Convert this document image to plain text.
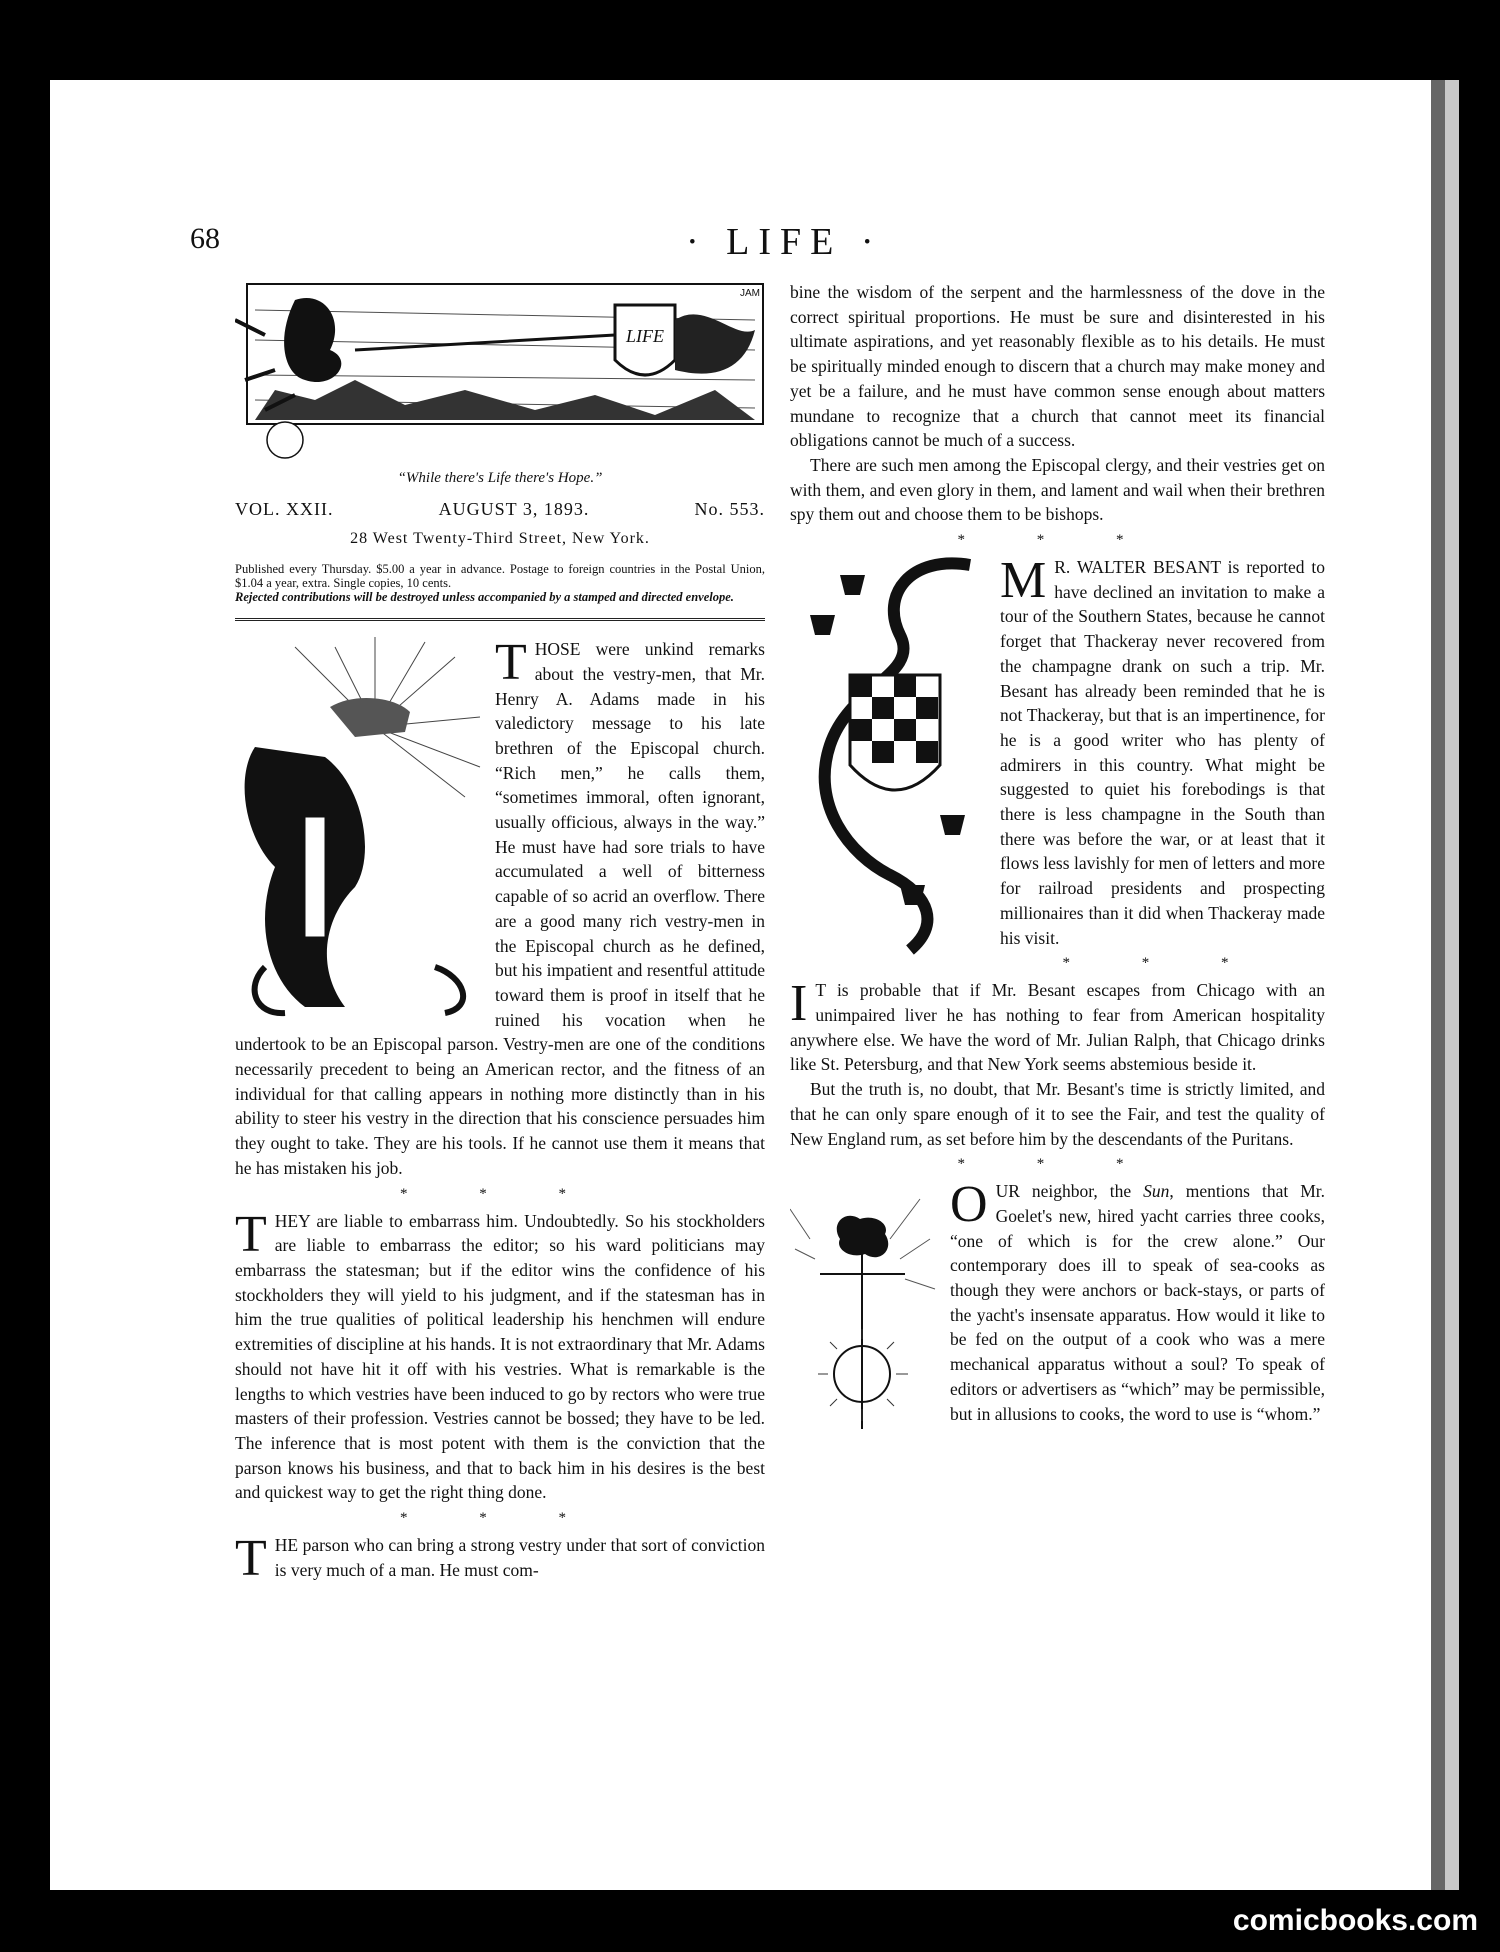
68	· LIFE ·
LIFE
JAM
“While there's Life there's Hope.”
VOL. XXII.	AUGUST 3, 1893.	No. 553.
28 West Twenty-Third Street, New York.
Published every Thursday. $5.00 a year in advance. Postage to foreign countries in the Postal Union, $1.04 a year, extra. Single copies, 10 cents.
Rejected contributions will be destroyed unless accompanied by a stamped and directed envelope.

THOSE were unkind remarks about the vestry-men, that Mr. Henry A. Adams made in his valedictory message to his late brethren of the Episcopal church. “Rich men,” he calls them, “sometimes immoral, often ignorant, usually officious, always in the way.” He must have had sore trials to have accumulated a well of bitterness capable of so acrid an overflow. There are a good many rich vestry-men in the Episcopal church as he defined, but his impatient and resentful attitude toward them is proof in itself that he ruined his vocation when he undertook to be an Episcopal parson. Vestry-men are one of the conditions necessarily precedent to being an American rector, and the fitness of an individual for that calling appears in nothing more distinctly than in his ability to steer his vestry in the direction that his conscience persuades him they ought to take. They are his tools. If he cannot use them it means that he has mistaken his job.

* * *

THEY are liable to embarrass him. Undoubtedly. So his stockholders are liable to embarrass the editor; so his ward politicians may embarrass the statesman; but if the editor wins the confidence of his stockholders they will yield to his judgment, and if the statesman has in him the true qualities of political leadership his henchmen will endure extremities of discipline at his hands. It is not extraordinary that Mr. Adams should not have hit it off with his vestries. What is remarkable is the lengths to which vestries have been induced to go by rectors who were true masters of their profession. Vestries cannot be bossed; they have to be led. The inference that is most potent with them is the conviction that the parson knows his business, and that to back him in his desires is the best and quickest way to get the right thing done.

* * *

THE parson who can bring a strong vestry under that sort of conviction is very much of a man. He must com-

bine the wisdom of the serpent and the harmlessness of the dove in the correct spiritual proportions. He must be sure and disinterested in his ultimate aspirations, and yet reasonably flexible as to his details. He must be spiritually minded enough to discern that a church may make money and yet be a failure, and he must have common sense enough about matters mundane to recognize that a church that cannot meet its financial obligations cannot be much of a success.

There are such men among the Episcopal clergy, and their vestries get on with them, and even glory in them, and lament and wail when their brethren spy them out and choose them to be bishops.

* * *

M R. WALTER BESANT is reported to have declined an invitation to make a tour of the Southern States, because he cannot forget that Thackeray never recovered from the champagne drank on such a trip. Mr. Besant has already been reminded that he is not Thackeray, but that is an impertinence, for he is a good writer who has plenty of admirers in this country. What might be suggested to quiet his forebodings is that there is less champagne in the South than there was before the war, or at least that it flows less lavishly for men of letters and more for railroad presidents and prospecting millionaires than it did when Thackeray made his visit.

* * *

I T is probable that if Mr. Besant escapes from Chicago with an unimpaired liver he has nothing to fear from American hospitality anywhere else. We have the word of Mr. Julian Ralph, that Chicago drinks like St. Petersburg, and that New York seems abstemious beside it.

But the truth is, no doubt, that Mr. Besant's time is strictly limited, and that he can only spare enough of it to see the Fair, and test the quality of New England rum, as set before him by the descendants of the Puritans.

* * *

OUR neighbor, the Sun, mentions that Mr. Goelet's new, hired yacht carries three cooks, “one of which is for the crew alone.” Our contemporary does ill to speak of sea-cooks as though they were anchors or back-stays, or parts of the yacht's insensate apparatus. How would it like to be fed on the output of a cook who was a mere mechanical apparatus without a soul? To speak of editors or advertisers as “which” may be permissible, but in allusions to cooks, the word to use is “whom.”

comicbooks.com
